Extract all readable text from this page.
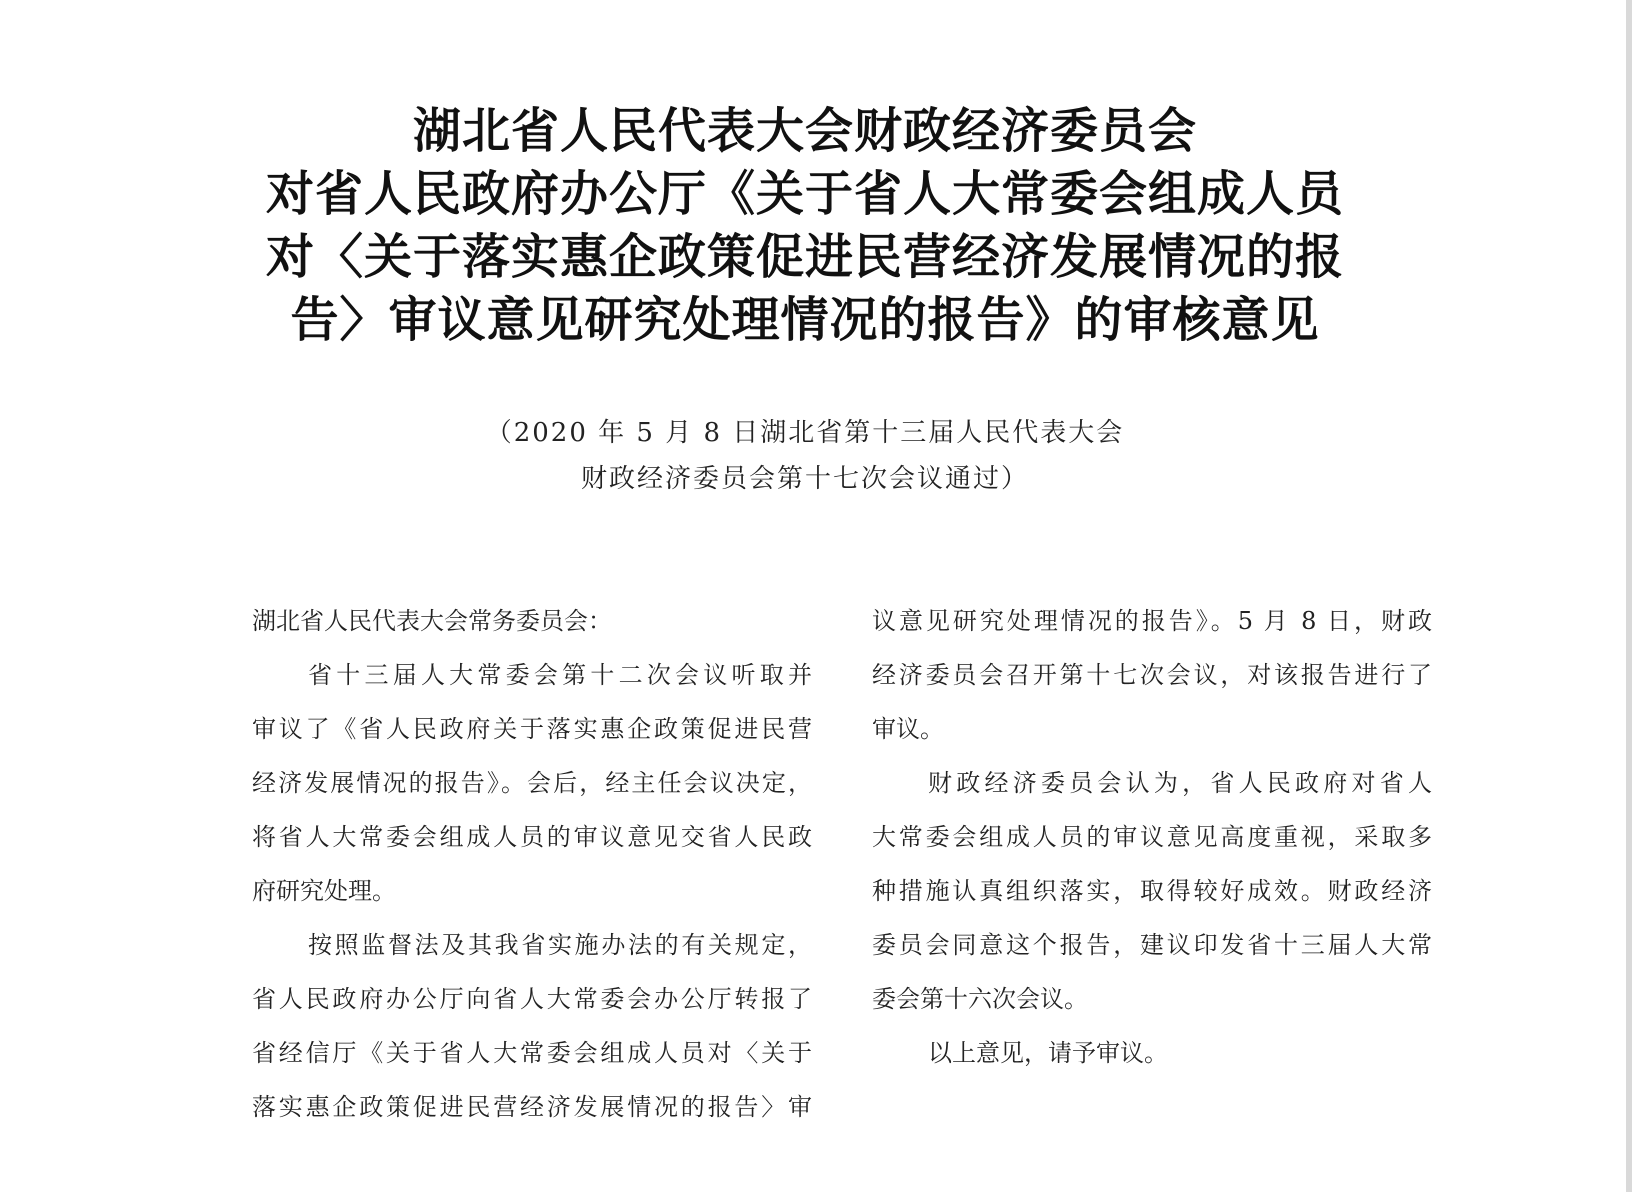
湖北省人民代表大会财政经济委员会
对省人民政府办公厅《关于省人大常委会组成人员
对〈关于落实惠企政策促进民营经济发展情况的报
告〉审议意见研究处理情况的报告》的审核意见
（2020 年 5 月 8 日湖北省第十三届人民代表大会
财政经济委员会第十七次会议通过）
湖北省人民代表大会常务委员会：
省十三届人大常委会第十二次会议听取并
审议了《省人民政府关于落实惠企政策促进民营
经济发展情况的报告》。会后，经主任会议决定，
将省人大常委会组成人员的审议意见交省人民政
府研究处理。
按照监督法及其我省实施办法的有关规定，
省人民政府办公厅向省人大常委会办公厅转报了
省经信厅《关于省人大常委会组成人员对〈关于
落实惠企政策促进民营经济发展情况的报告〉审
议意见研究处理情况的报告》。5 月 8 日，财政
经济委员会召开第十七次会议，对该报告进行了
审议。
财政经济委员会认为，省人民政府对省人
大常委会组成人员的审议意见高度重视，采取多
种措施认真组织落实，取得较好成效。财政经济
委员会同意这个报告，建议印发省十三届人大常
委会第十六次会议。
以上意见，请予审议。
